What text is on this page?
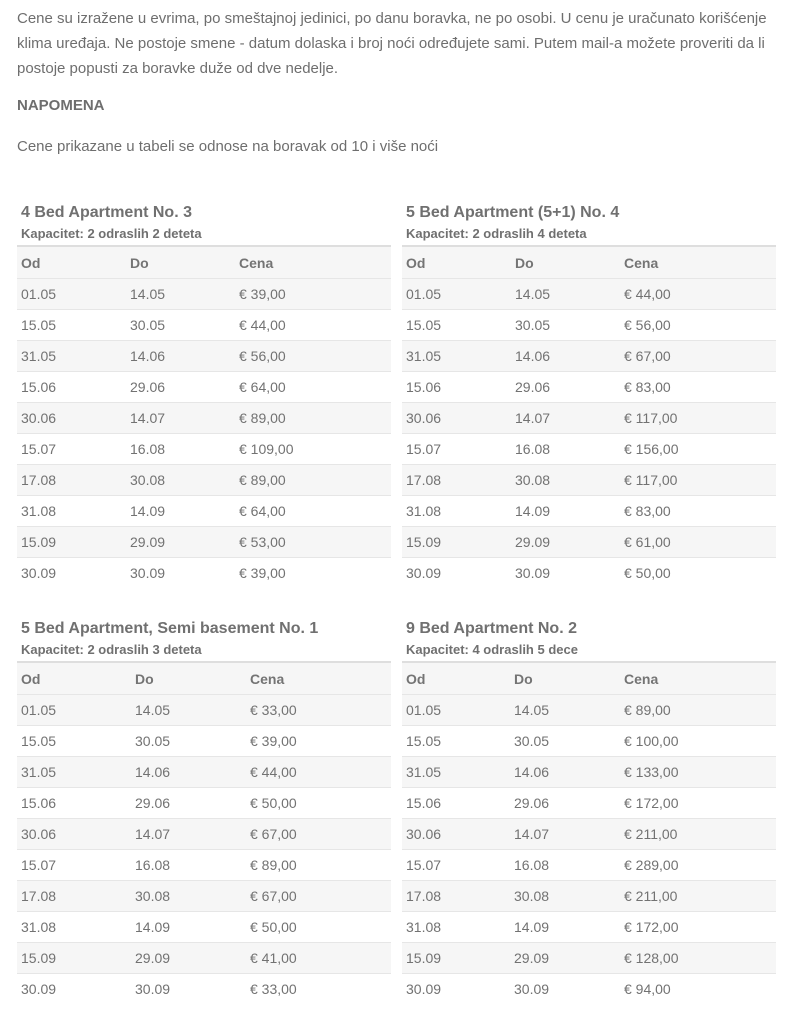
Cene su izražene u evrima, po smeštajnoj jedinici, po danu boravka, ne po osobi. U cenu je uračunato korišćenje klima uređaja. Ne postoje smene - datum dolaska i broj noći određujete sami. Putem mail-a možete proveriti da li postoje popusti za boravke duže od dve nedelje.

NAPOMENA

Cene prikazane u tabeli se odnose na boravak od 10 i više noći

4 Bed Apartment No. 3
Kapacitet: 2 odraslih 2 deteta
Od	Do	Cena
01.05	14.05	€ 39,00
15.05	30.05	€ 44,00
31.05	14.06	€ 56,00
15.06	29.06	€ 64,00
30.06	14.07	€ 89,00
15.07	16.08	€ 109,00
17.08	30.08	€ 89,00
31.08	14.09	€ 64,00
15.09	29.09	€ 53,00
30.09	30.09	€ 39,00
5 Bed Apartment (5+1) No. 4
Kapacitet: 2 odraslih 4 deteta
Od	Do	Cena
01.05	14.05	€ 44,00
15.05	30.05	€ 56,00
31.05	14.06	€ 67,00
15.06	29.06	€ 83,00
30.06	14.07	€ 117,00
15.07	16.08	€ 156,00
17.08	30.08	€ 117,00
31.08	14.09	€ 83,00
15.09	29.09	€ 61,00
30.09	30.09	€ 50,00
5 Bed Apartment, Semi basement No. 1
Kapacitet: 2 odraslih 3 deteta
Od	Do	Cena
01.05	14.05	€ 33,00
15.05	30.05	€ 39,00
31.05	14.06	€ 44,00
15.06	29.06	€ 50,00
30.06	14.07	€ 67,00
15.07	16.08	€ 89,00
17.08	30.08	€ 67,00
31.08	14.09	€ 50,00
15.09	29.09	€ 41,00
30.09	30.09	€ 33,00
9 Bed Apartment No. 2
Kapacitet: 4 odraslih 5 dece
Od	Do	Cena
01.05	14.05	€ 89,00
15.05	30.05	€ 100,00
31.05	14.06	€ 133,00
15.06	29.06	€ 172,00
30.06	14.07	€ 211,00
15.07	16.08	€ 289,00
17.08	30.08	€ 211,00
31.08	14.09	€ 172,00
15.09	29.09	€ 128,00
30.09	30.09	€ 94,00
